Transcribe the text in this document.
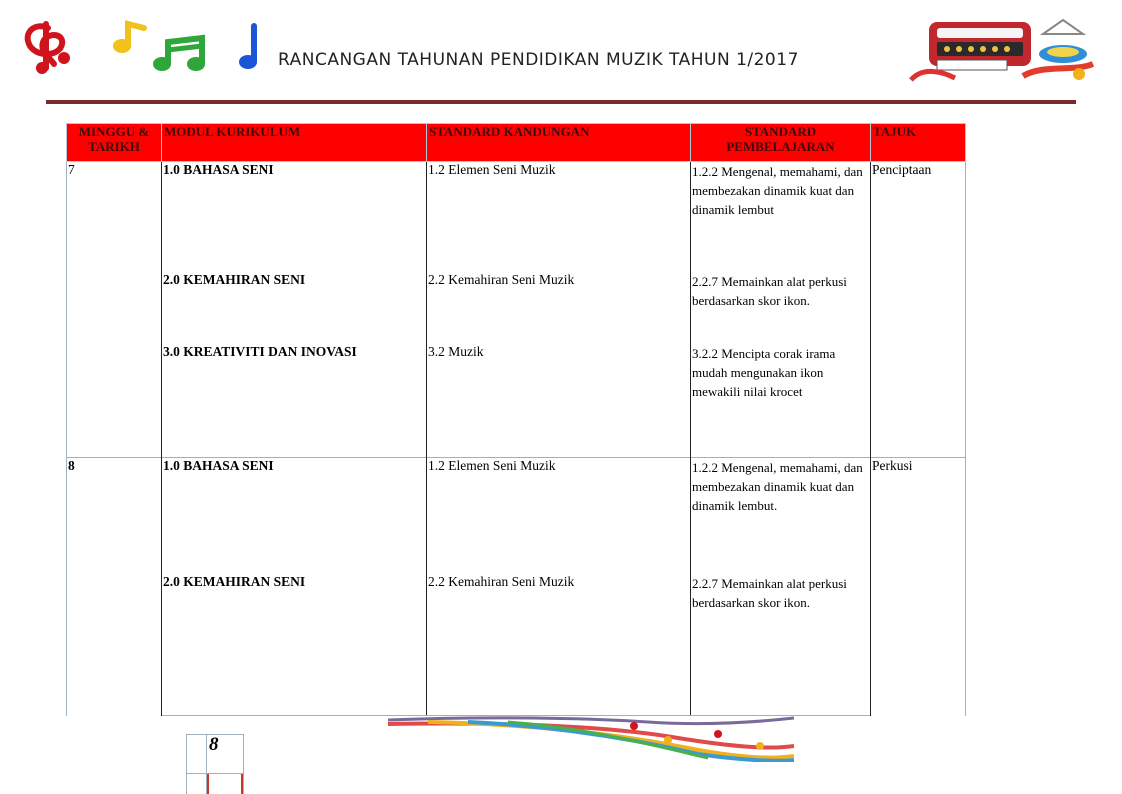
RANCANGAN TAHUNAN PENDIDIKAN MUZIK TAHUN 1/2017
MINGGU & TARIKH	MODUL KURIKULUM	STANDARD KANDUNGAN	STANDARD PEMBELAJARAN	TAJUK
7	1.0 BAHASA SENI	1.2 Elemen Seni Muzik	1.2.2 Mengenal, memahami, dan membezakan dinamik kuat dan dinamik lembut	Penciptaan
	2.0 KEMAHIRAN SENI	2.2 Kemahiran Seni Muzik	2.2.7 Memainkan alat perkusi berdasarkan skor ikon.	
	3.0 KREATIVITI DAN INOVASI	3.2 Muzik	3.2.2 Mencipta corak irama mudah mengunakan ikon mewakili nilai krocet	
8	1.0 BAHASA SENI	1.2 Elemen Seni Muzik	1.2.2 Mengenal, memahami, dan membezakan dinamik kuat dan dinamik lembut.	Perkusi
	2.0 KEMAHIRAN SENI	2.2 Kemahiran Seni Muzik	2.2.7 Memainkan alat perkusi berdasarkan skor ikon.	
8
